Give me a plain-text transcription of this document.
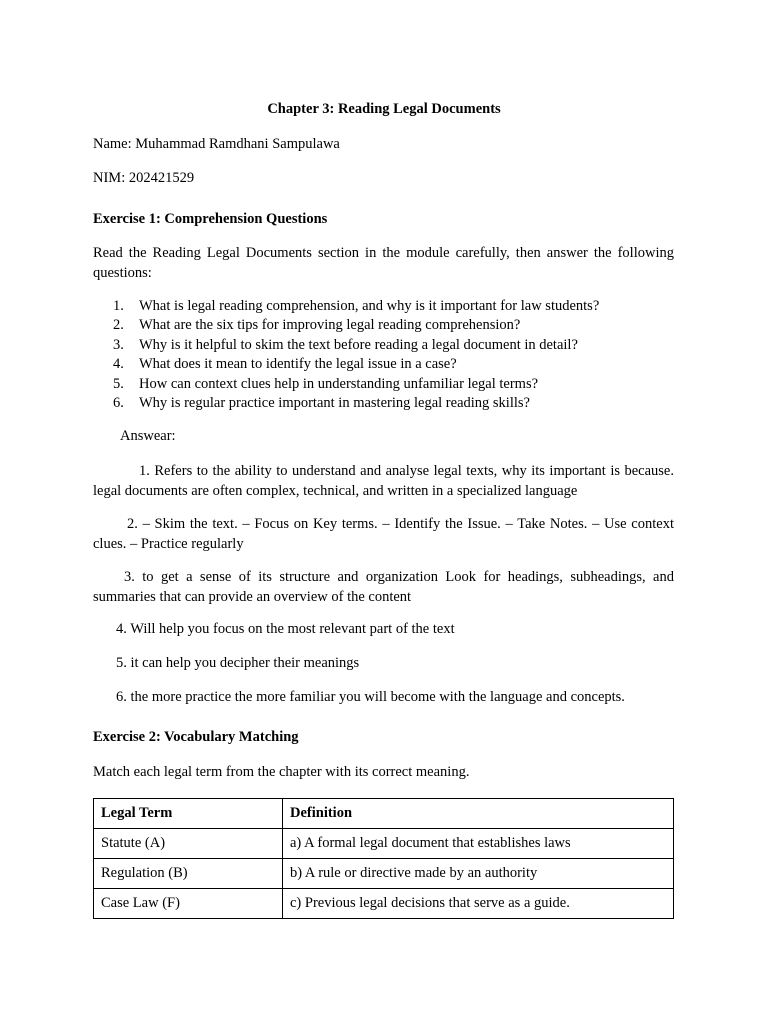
Chapter 3: Reading Legal Documents

Name: Muhammad Ramdhani Sampulawa

NIM: 202421529

Exercise 1: Comprehension Questions

Read the Reading Legal Documents section in the module carefully, then answer the following questions:

1. What is legal reading comprehension, and why is it important for law students?
2. What are the six tips for improving legal reading comprehension?
3. Why is it helpful to skim the text before reading a legal document in detail?
4. What does it mean to identify the legal issue in a case?
5. How can context clues help in understanding unfamiliar legal terms?
6. Why is regular practice important in mastering legal reading skills?

Answear:

1. Refers to the ability to understand and analyse legal texts, why its important is because. legal documents are often complex, technical, and written in a specialized language

2. – Skim the text. – Focus on Key terms. – Identify the Issue. – Take Notes. – Use context clues. – Practice regularly

3. to get a sense of its structure and organization Look for headings, subheadings, and summaries that can provide an overview of the content

4. Will help you focus on the most relevant part of the text

5. it can help you decipher their meanings

6. the more practice the more familiar you will become with the language and concepts.

Exercise 2: Vocabulary Matching

Match each legal term from the chapter with its correct meaning.

Legal Term	Definition
Statute (A)	a) A formal legal document that establishes laws
Regulation (B)	b) A rule or directive made by an authority
Case Law (F)	c) Previous legal decisions that serve as a guide.
